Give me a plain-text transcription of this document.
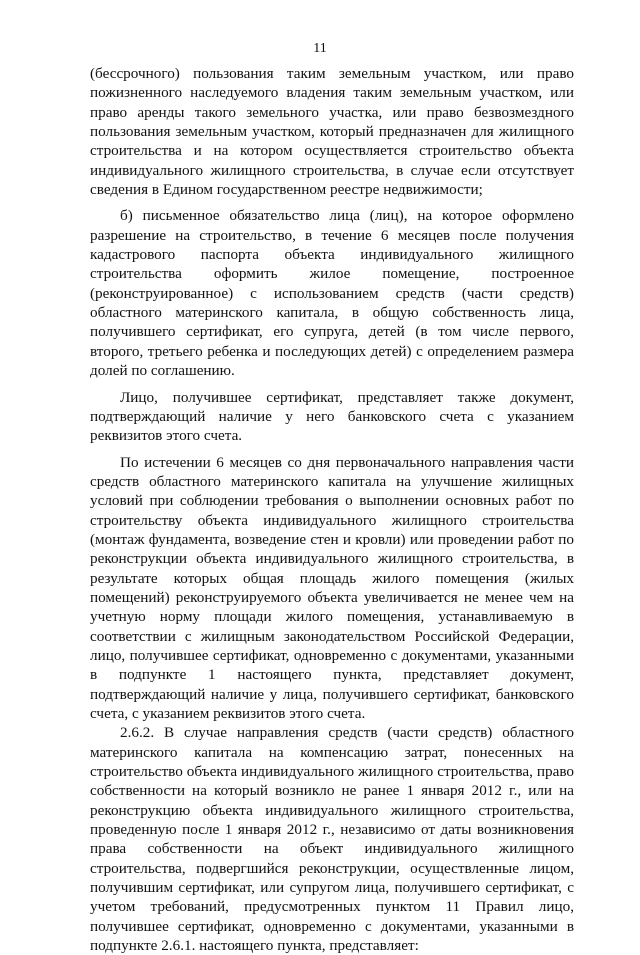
11

(бессрочного) пользования таким земельным участком, или право пожизненного наследуемого владения таким земельным участком, или право аренды такого земельного участка, или право безвозмездного пользования земельным участком, который предназначен для жилищного строительства и на котором осуществляется строительство объекта индивидуального жилищного строительства, в случае если отсутствует сведения в Едином государственном реестре недвижимости;

б) письменное обязательство лица (лиц), на которое оформлено разрешение на строительство, в течение 6 месяцев после получения кадастрового паспорта объекта индивидуального жилищного строительства оформить жилое помещение, построенное (реконструированное) с использованием средств (части средств) областного материнского капитала, в общую собственность лица, получившего сертификат, его супруга, детей (в том числе первого, второго, третьего ребенка и последующих детей) с определением размера долей по соглашению.

Лицо, получившее сертификат, представляет также документ, подтверждающий наличие у него банковского счета с указанием реквизитов этого счета.

По истечении 6 месяцев со дня первоначального направления части средств областного материнского капитала на улучшение жилищных условий при соблюдении требования о выполнении основных работ по строительству объекта индивидуального жилищного строительства (монтаж фундамента, возведение стен и кровли) или проведении работ по реконструкции объекта индивидуального жилищного строительства, в результате которых общая площадь жилого помещения (жилых помещений) реконструируемого объекта увеличивается не менее чем на учетную норму площади жилого помещения, устанавливаемую в соответствии с жилищным законодательством Российской Федерации, лицо, получившее сертификат, одновременно с документами, указанными в подпункте 1 настоящего пункта, представляет документ, подтверждающий наличие у лица, получившего сертификат, банковского счета, с указанием реквизитов этого счета.

2.6.2. В случае направления средств (части средств) областного материнского капитала на компенсацию затрат, понесенных на строительство объекта индивидуального жилищного строительства, право собственности на который возникло не ранее 1 января 2012 г., или на реконструкцию объекта индивидуального жилищного строительства, проведенную после 1 января 2012 г., независимо от даты возникновения права собственности на объект индивидуального жилищного строительства, подвергшийся реконструкции, осуществленные лицом, получившим сертификат, или супругом лица, получившего сертификат, с учетом требований, предусмотренных пунктом 11 Правил лицо, получившее сертификат, одновременно с документами, указанными в подпункте 2.6.1. настоящего пункта, представляет:
